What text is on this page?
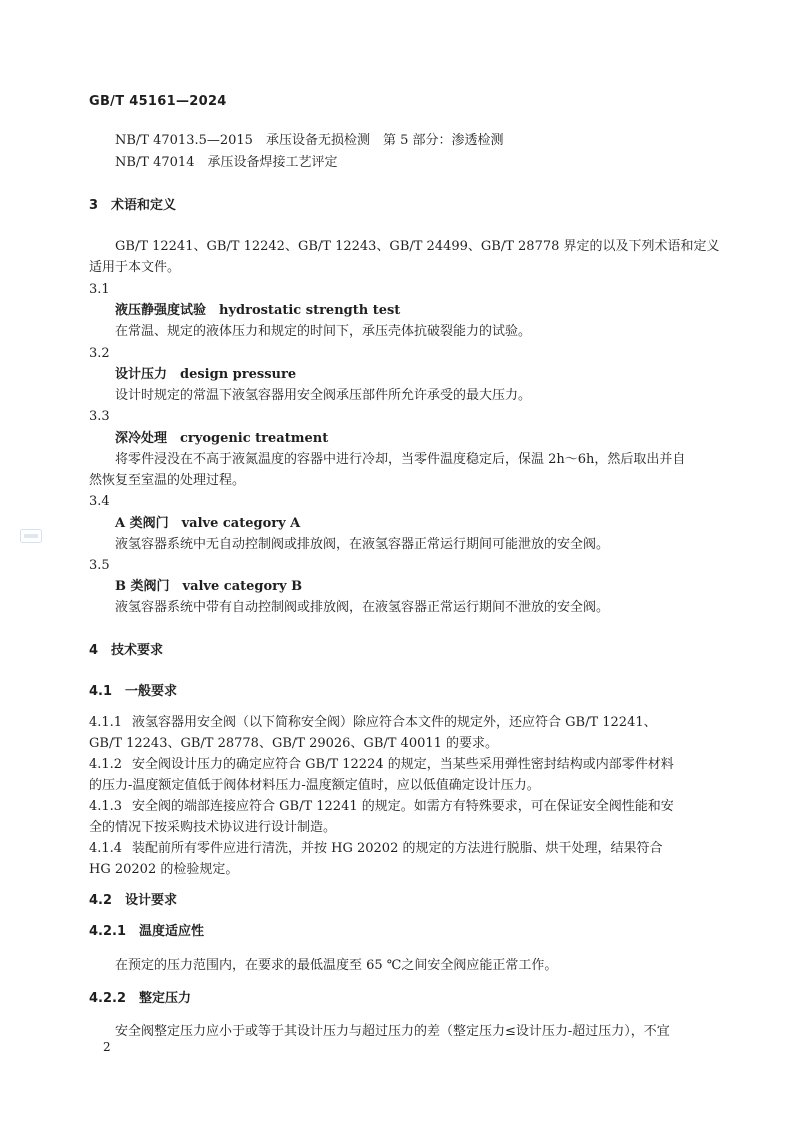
GB/T 45161—2024
NB/T 47013.5—2015　承压设备无损检测　第 5 部分：渗透检测
NB/T 47014　承压设备焊接工艺评定
3　术语和定义
GB/T 12241、GB/T 12242、GB/T 12243、GB/T 24499、GB/T 28778 界定的以及下列术语和定义
适用于本文件。
3.1
液压静强度试验　hydrostatic strength test
在常温、规定的液体压力和规定的时间下，承压壳体抗破裂能力的试验。
3.2
设计压力　design pressure
设计时规定的常温下液氢容器用安全阀承压部件所允许承受的最大压力。
3.3
深冷处理　cryogenic treatment
将零件浸没在不高于液氮温度的容器中进行冷却，当零件温度稳定后，保温 2h～6h，然后取出并自
然恢复至室温的处理过程。
3.4
A 类阀门　valve category A
液氢容器系统中无自动控制阀或排放阀，在液氢容器正常运行期间可能泄放的安全阀。
3.5
B 类阀门　valve category B
液氢容器系统中带有自动控制阀或排放阀，在液氢容器正常运行期间不泄放的安全阀。
4　技术要求
4.1　一般要求
4.1.1 液氢容器用安全阀（以下简称安全阀）除应符合本文件的规定外，还应符合 GB/T 12241、
GB/T 12243、GB/T 28778、GB/T 29026、GB/T 40011 的要求。
4.1.2 安全阀设计压力的确定应符合 GB/T 12224 的规定，当某些采用弹性密封结构或内部零件材料
的压力-温度额定值低于阀体材料压力-温度额定值时，应以低值确定设计压力。
4.1.3 安全阀的端部连接应符合 GB/T 12241 的规定。如需方有特殊要求，可在保证安全阀性能和安
全的情况下按采购技术协议进行设计制造。
4.1.4 装配前所有零件应进行清洗，并按 HG 20202 的规定的方法进行脱脂、烘干处理，结果符合
HG 20202 的检验规定。
4.2　设计要求
4.2.1　温度适应性
在预定的压力范围内，在要求的最低温度至 65 ℃之间安全阀应能正常工作。
4.2.2　整定压力
安全阀整定压力应小于或等于其设计压力与超过压力的差（整定压力≤设计压力-超过压力），不宜
2
